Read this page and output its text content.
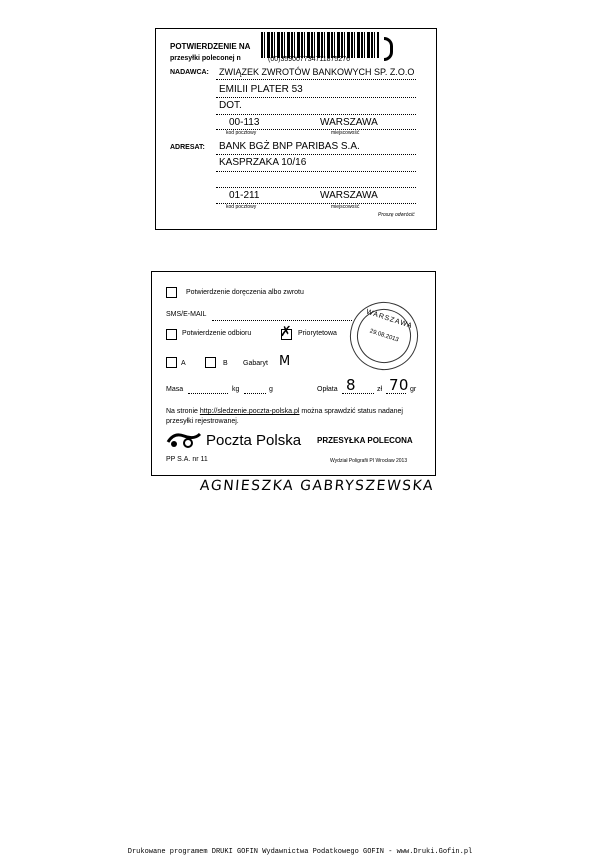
POTWIERDZENIE NA
przesyłki poleconej n	(00)359007734711875276
NADAWCA: ZWIĄZEK ZWROTÓW BANKOWYCH SP. Z.O.O
EMILII PLATER 53
DOT.
00-113	WARSZAWA
kod pocztowy	miejscowość
ADRESAT: BANK BGŻ BNP PARIBAS S.A.
KASPRZAKA 10/16
01-211	WARSZAWA
kod pocztowy	miejscowość
Proszę odwrócić
Potwierdzenie doręczenia albo zwrotu
SMS/E-MAIL
Potwierdzenie odbioru ✗ Priorytetowa
A	B Gabaryt M
Masa	kg	g	Opłata 8	zł 70 gr
Na stronie http://sledzenie.poczta-polska.pl można sprawdzić status nadanej
przesyłki rejestrowanej.
Poczta Polska PRZESYŁKA POLECONA
PP S.A. nr 11	Wydział Poligrafii PI Wrocław 2013
WARSZAWA
29.08.2013
AGNIESZKA GABRYSZEWSKA
Drukowane programem DRUKI GOFIN Wydawnictwa Podatkowego GOFIN - www.Druki.Gofin.pl
